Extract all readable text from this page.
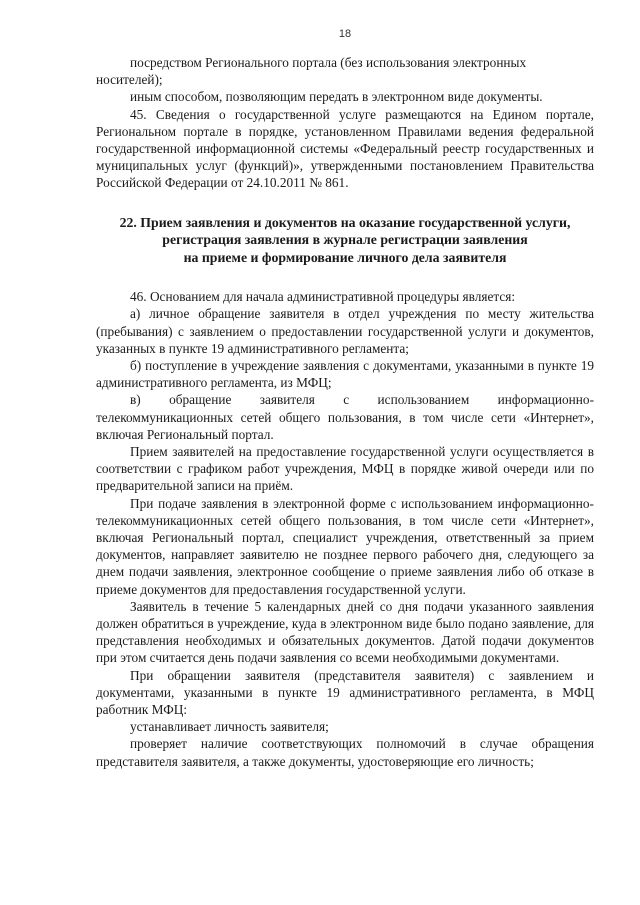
18

посредством Регионального портала (без использования электронных

носителей);

иным способом, позволяющим передать в электронном виде документы.

45. Сведения о государственной услуге размещаются на Едином портале, Региональном портале в порядке, установленном Правилами ведения федеральной государственной информационной системы «Федеральный реестр государственных и муниципальных услуг (функций)», утвержденными постановлением Правительства Российской Федерации от 24.10.2011 № 861.

22. Прием заявления и документов на оказание государственной услуги,
регистрация заявления в журнале регистрации заявления
на приеме и формирование личного дела заявителя

46. Основанием для начала административной процедуры является:

а) личное обращение заявителя в отдел учреждения по месту жительства (пребывания) с заявлением о предоставлении государственной услуги и документов, указанных в пункте 19 административного регламента;

б) поступление в учреждение заявления с документами, указанными в пункте 19 административного регламента, из МФЦ;

в) обращение заявителя с использованием информационно-телекоммуникационных сетей общего пользования, в том числе сети «Интернет», включая Региональный портал.

Прием заявителей на предоставление государственной услуги осуществляется в соответствии с графиком работ учреждения, МФЦ в порядке живой очереди или по предварительной записи на приём.

При подаче заявления в электронной форме с использованием информационно-телекоммуникационных сетей общего пользования, в том числе сети «Интернет», включая Региональный портал, специалист учреждения, ответственный за прием документов, направляет заявителю не позднее первого рабочего дня, следующего за днем подачи заявления, электронное сообщение о приеме заявления либо об отказе в приеме документов для предоставления государственной услуги.

Заявитель в течение 5 календарных дней со дня подачи указанного заявления должен обратиться в учреждение, куда в электронном виде было подано заявление, для представления необходимых и обязательных документов. Датой подачи документов при этом считается день подачи заявления со всеми необходимыми документами.

При обращении заявителя (представителя заявителя) с заявлением и документами, указанными в пункте 19 административного регламента, в МФЦ работник МФЦ:

устанавливает личность заявителя;

проверяет наличие соответствующих полномочий в случае обращения представителя заявителя, а также документы, удостоверяющие его личность;
